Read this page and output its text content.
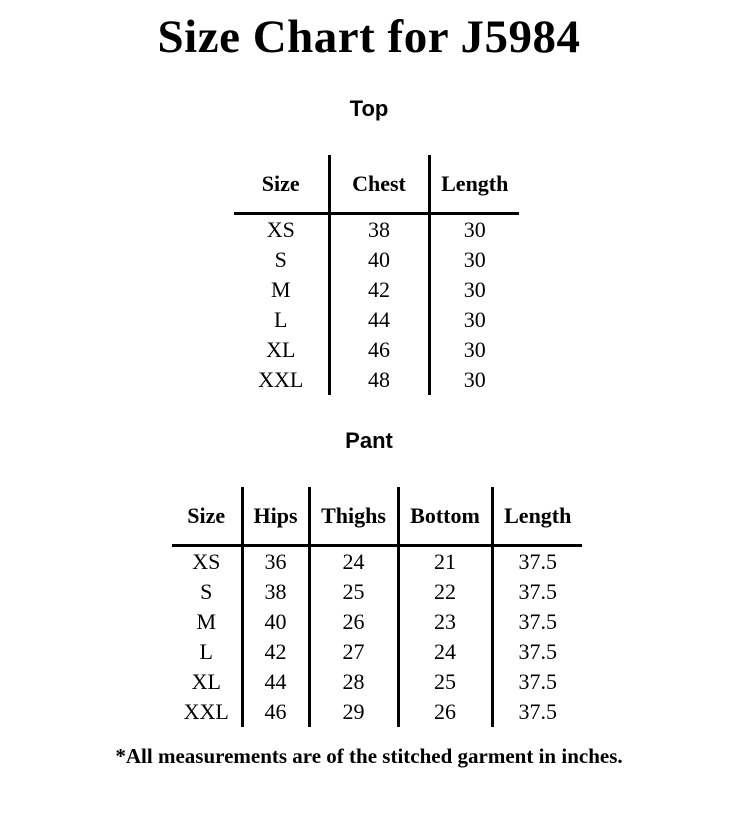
Size Chart for J5984
Top
Size	Chest	Length
XS	38	30
S	40	30
M	42	30
L	44	30
XL	46	30
XXL	48	30
Pant
Size	Hips	Thighs	Bottom	Length
XS	36	24	21	37.5
S	38	25	22	37.5
M	40	26	23	37.5
L	42	27	24	37.5
XL	44	28	25	37.5
XXL	46	29	26	37.5
*All measurements are of the stitched garment in inches.
